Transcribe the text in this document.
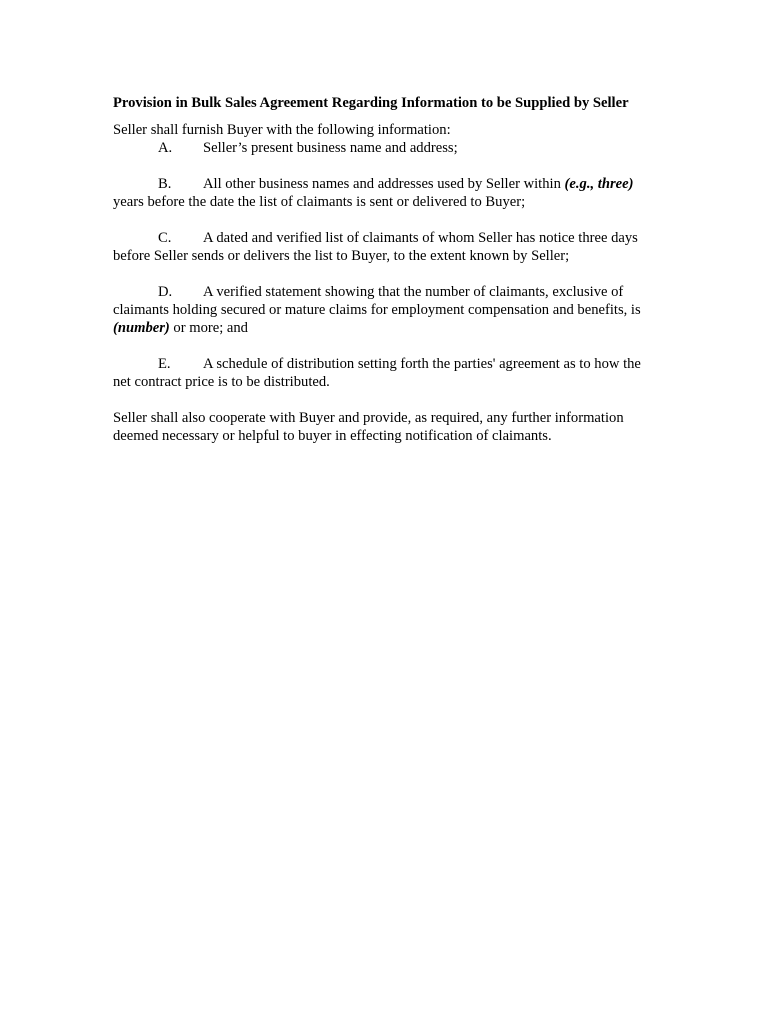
Provision in Bulk Sales Agreement Regarding Information to be Supplied by Seller

Seller shall furnish Buyer with the following information:

A. Seller’s present business name and address;

B. All other business names and addresses used by Seller within (e.g., three) years before the date the list of claimants is sent or delivered to Buyer;

C. A dated and verified list of claimants of whom Seller has notice three days before Seller sends or delivers the list to Buyer, to the extent known by Seller;

D. A verified statement showing that the number of claimants, exclusive of claimants holding secured or mature claims for employment compensation and benefits, is (number) or more; and

E. A schedule of distribution setting forth the parties' agreement as to how the net contract price is to be distributed.

Seller shall also cooperate with Buyer and provide, as required, any further information deemed necessary or helpful to buyer in effecting notification of claimants.
